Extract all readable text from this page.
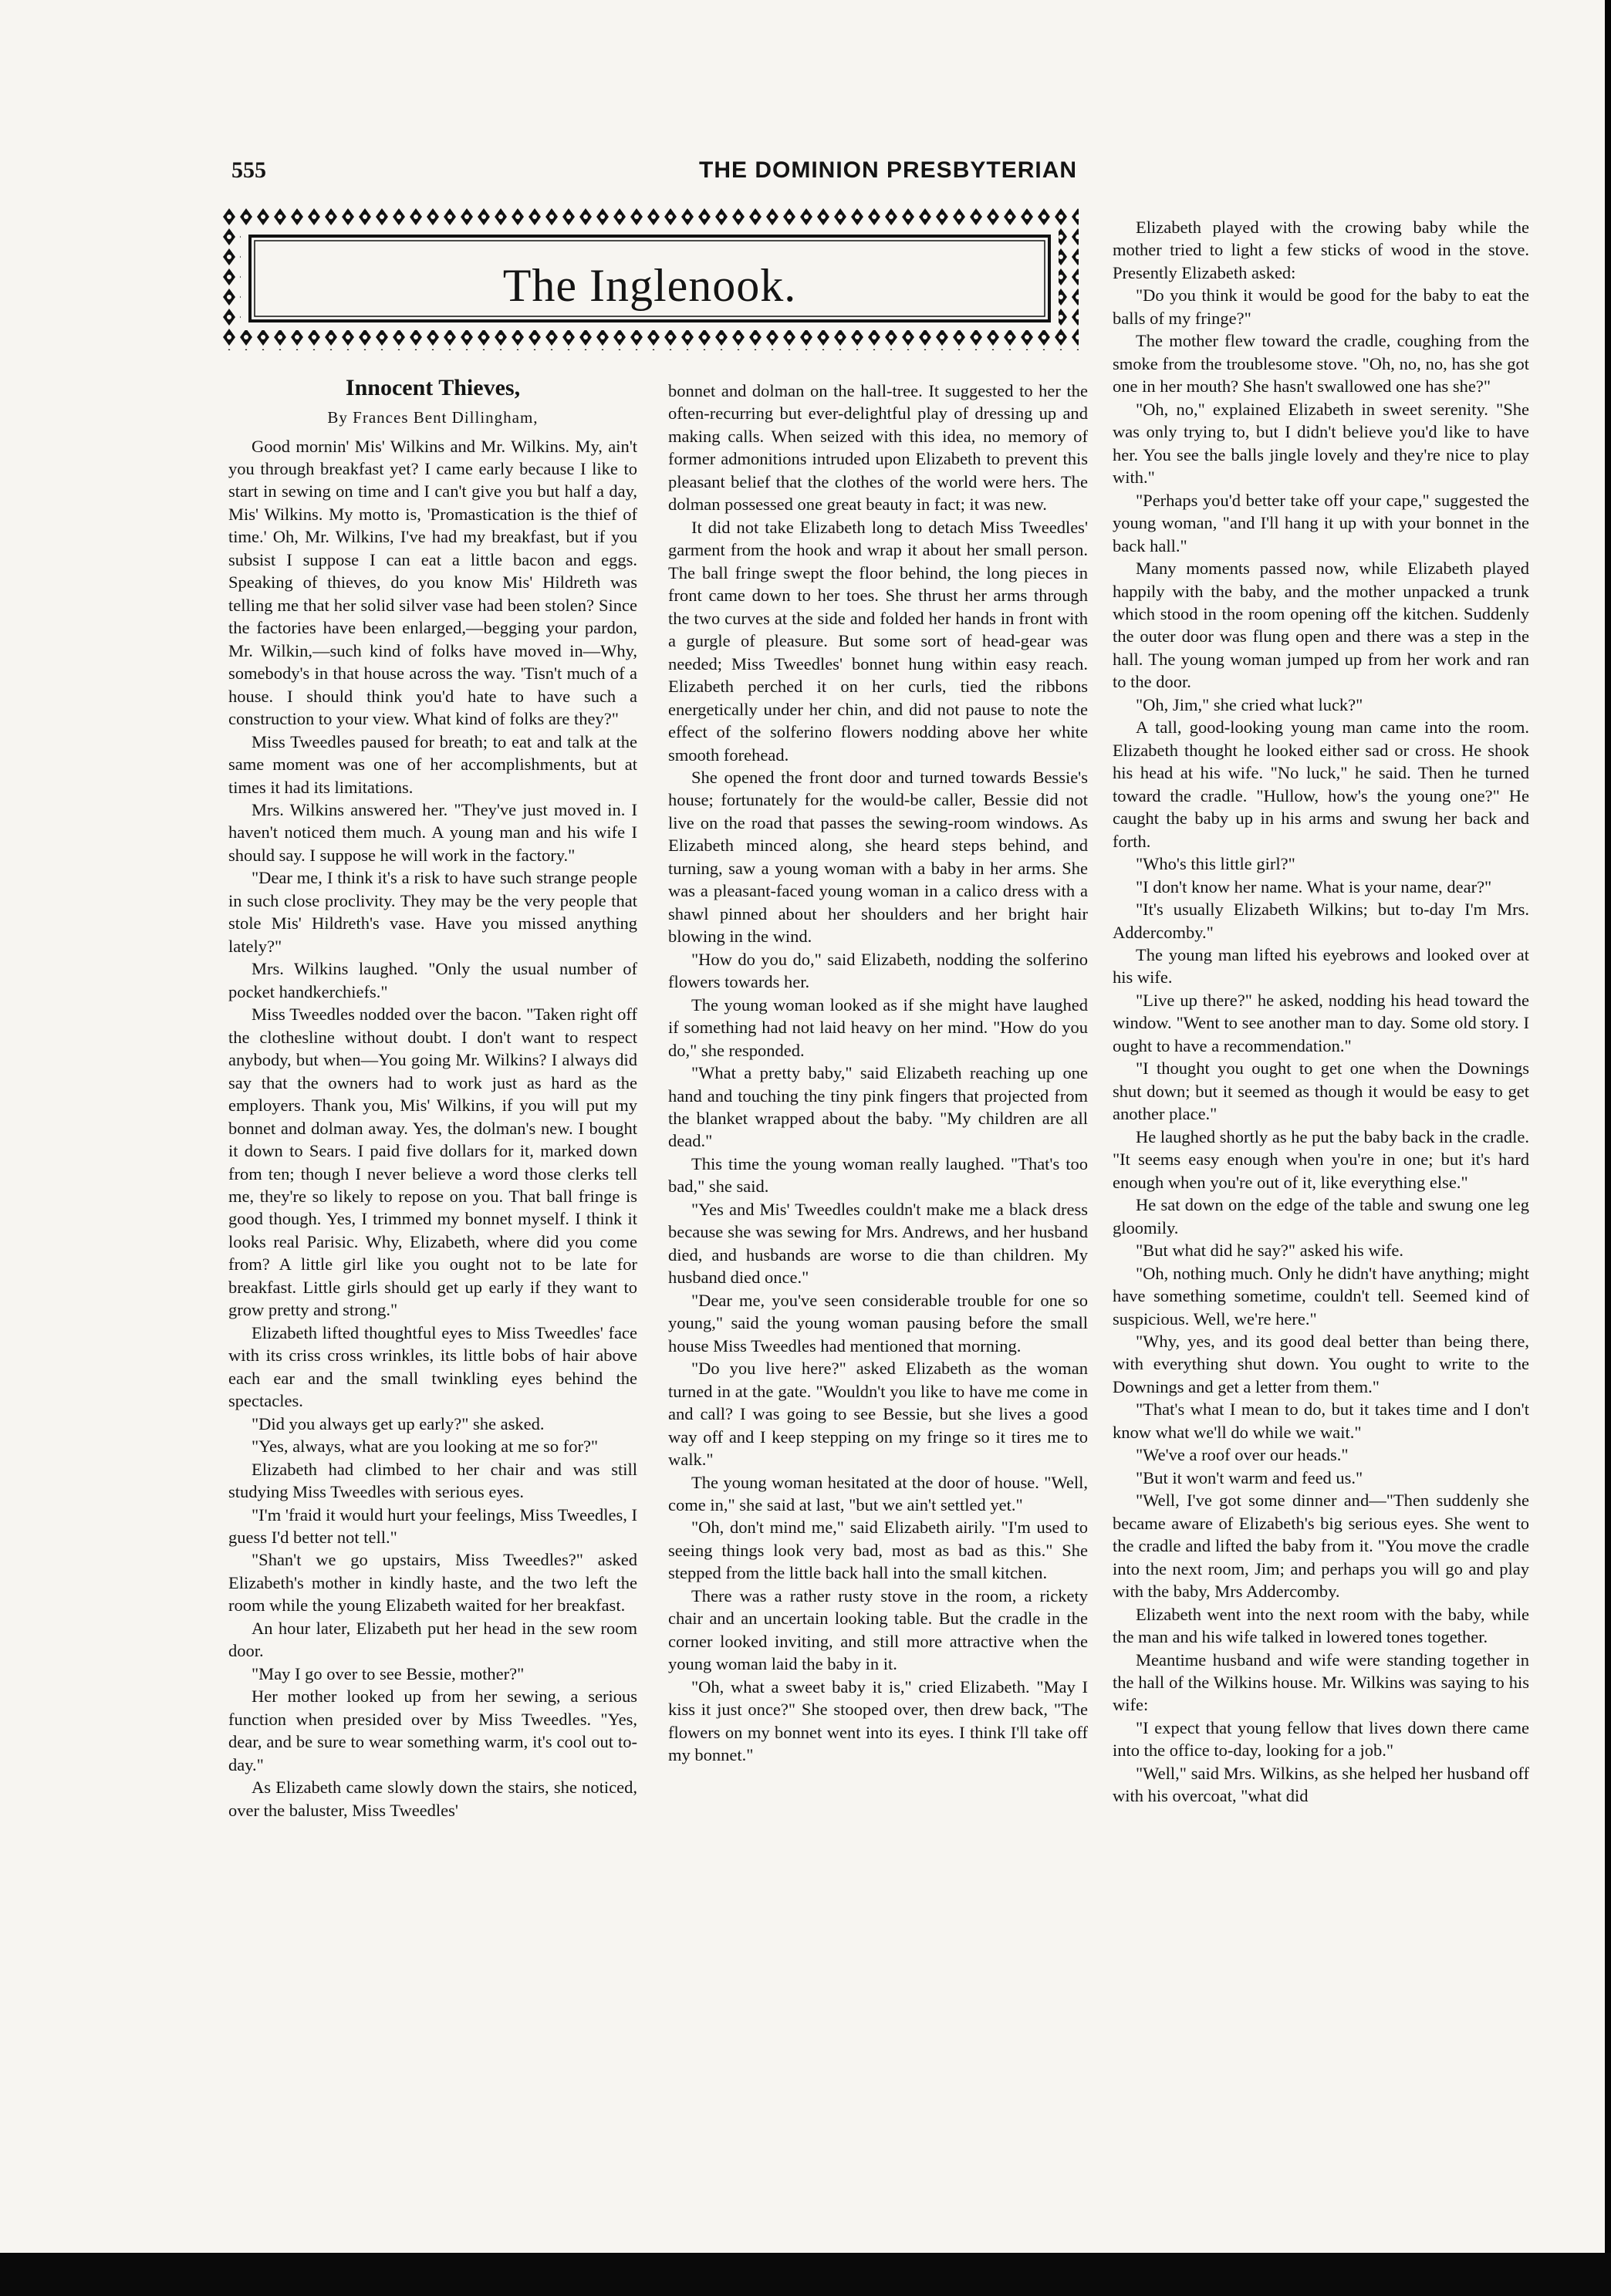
555	THE DOMINION PRESBYTERIAN
The Inglenook.
Innocent Thieves,
By Frances Bent Dillingham,

Good mornin' Mis' Wilkins and Mr. Wilkins. My, ain't you through breakfast yet? I came early because I like to start in sewing on time and I can't give you but half a day, Mis' Wilkins. My motto is, 'Promastication is the thief of time.' Oh, Mr. Wilkins, I've had my breakfast, but if you subsist I suppose I can eat a little bacon and eggs. Speaking of thieves, do you know Mis' Hildreth was telling me that her solid silver vase had been stolen? Since the factories have been enlarged,—begging your pardon, Mr. Wilkin,—such kind of folks have moved in—Why, somebody's in that house across the way. 'Tisn't much of a house. I should think you'd hate to have such a construction to your view. What kind of folks are they?"

Miss Tweedles paused for breath; to eat and talk at the same moment was one of her accomplishments, but at times it had its limitations.

Mrs. Wilkins answered her. "They've just moved in. I haven't noticed them much. A young man and his wife I should say. I suppose he will work in the factory."

"Dear me, I think it's a risk to have such strange people in such close proclivity. They may be the very people that stole Mis' Hildreth's vase. Have you missed anything lately?"

Mrs. Wilkins laughed. "Only the usual number of pocket handkerchiefs."

Miss Tweedles nodded over the bacon. "Taken right off the clothesline without doubt. I don't want to respect anybody, but when—You going Mr. Wilkins? I always did say that the owners had to work just as hard as the employers. Thank you, Mis' Wilkins, if you will put my bonnet and dolman away. Yes, the dolman's new. I bought it down to Sears. I paid five dollars for it, marked down from ten; though I never believe a word those clerks tell me, they're so likely to repose on you. That ball fringe is good though. Yes, I trimmed my bonnet myself. I think it looks real Parisic. Why, Elizabeth, where did you come from? A little girl like you ought not to be late for breakfast. Little girls should get up early if they want to grow pretty and strong."

Elizabeth lifted thoughtful eyes to Miss Tweedles' face with its criss cross wrinkles, its little bobs of hair above each ear and the small twinkling eyes behind the spectacles.

"Did you always get up early?" she asked.

"Yes, always, what are you looking at me so for?"

Elizabeth had climbed to her chair and was still studying Miss Tweedles with serious eyes.

"I'm 'fraid it would hurt your feelings, Miss Tweedles, I guess I'd better not tell."

"Shan't we go upstairs, Miss Tweedles?" asked Elizabeth's mother in kindly haste, and the two left the room while the young Elizabeth waited for her breakfast.

An hour later, Elizabeth put her head in the sew room door.

"May I go over to see Bessie, mother?"

Her mother looked up from her sewing, a serious function when presided over by Miss Tweedles. "Yes, dear, and be sure to wear something warm, it's cool out to-day."

As Elizabeth came slowly down the stairs, she noticed, over the baluster, Miss Tweedles'

bonnet and dolman on the hall-tree. It suggested to her the often-recurring but ever-delightful play of dressing up and making calls. When seized with this idea, no memory of former admonitions intruded upon Elizabeth to prevent this pleasant belief that the clothes of the world were hers. The dolman possessed one great beauty in fact; it was new.

It did not take Elizabeth long to detach Miss Tweedles' garment from the hook and wrap it about her small person. The ball fringe swept the floor behind, the long pieces in front came down to her toes. She thrust her arms through the two curves at the side and folded her hands in front with a gurgle of pleasure. But some sort of head-gear was needed; Miss Tweedles' bonnet hung within easy reach. Elizabeth perched it on her curls, tied the ribbons energetically under her chin, and did not pause to note the effect of the solferino flowers nodding above her white smooth forehead.

She opened the front door and turned towards Bessie's house; fortunately for the would-be caller, Bessie did not live on the road that passes the sewing-room windows. As Elizabeth minced along, she heard steps behind, and turning, saw a young woman with a baby in her arms. She was a pleasant-faced young woman in a calico dress with a shawl pinned about her shoulders and her bright hair blowing in the wind.

"How do you do," said Elizabeth, nodding the solferino flowers towards her.

The young woman looked as if she might have laughed if something had not laid heavy on her mind. "How do you do," she responded.

"What a pretty baby," said Elizabeth reaching up one hand and touching the tiny pink fingers that projected from the blanket wrapped about the baby. "My children are all dead."

This time the young woman really laughed. "That's too bad," she said.

"Yes and Mis' Tweedles couldn't make me a black dress because she was sewing for Mrs. Andrews, and her husband died, and husbands are worse to die than children. My husband died once."

"Dear me, you've seen considerable trouble for one so young," said the young woman pausing before the small house Miss Tweedles had mentioned that morning.

"Do you live here?" asked Elizabeth as the woman turned in at the gate. "Wouldn't you like to have me come in and call? I was going to see Bessie, but she lives a good way off and I keep stepping on my fringe so it tires me to walk."

The young woman hesitated at the door of house. "Well, come in," she said at last, "but we ain't settled yet."

"Oh, don't mind me," said Elizabeth airily. "I'm used to seeing things look very bad, most as bad as this." She stepped from the little back hall into the small kitchen.

There was a rather rusty stove in the room, a rickety chair and an uncertain looking table. But the cradle in the corner looked inviting, and still more attractive when the young woman laid the baby in it.

"Oh, what a sweet baby it is," cried Elizabeth. "May I kiss it just once?" She stooped over, then drew back, "The flowers on my bonnet went into its eyes. I think I'll take off my bonnet."

Elizabeth played with the crowing baby while the mother tried to light a few sticks of wood in the stove. Presently Elizabeth asked:

"Do you think it would be good for the baby to eat the balls of my fringe?"

The mother flew toward the cradle, coughing from the smoke from the troublesome stove. "Oh, no, no, has she got one in her mouth? She hasn't swallowed one has she?"

"Oh, no," explained Elizabeth in sweet serenity. "She was only trying to, but I didn't believe you'd like to have her. You see the balls jingle lovely and they're nice to play with."

"Perhaps you'd better take off your cape," suggested the young woman, "and I'll hang it up with your bonnet in the back hall."

Many moments passed now, while Elizabeth played happily with the baby, and the mother unpacked a trunk which stood in the room opening off the kitchen. Suddenly the outer door was flung open and there was a step in the hall. The young woman jumped up from her work and ran to the door.

"Oh, Jim," she cried what luck?"

A tall, good-looking young man came into the room. Elizabeth thought he looked either sad or cross. He shook his head at his wife. "No luck," he said. Then he turned toward the cradle. "Hullow, how's the young one?" He caught the baby up in his arms and swung her back and forth.

"Who's this little girl?"

"I don't know her name. What is your name, dear?"

"It's usually Elizabeth Wilkins; but to-day I'm Mrs. Addercomby."

The young man lifted his eyebrows and looked over at his wife.

"Live up there?" he asked, nodding his head toward the window. "Went to see another man to day. Some old story. I ought to have a recommendation."

"I thought you ought to get one when the Downings shut down; but it seemed as though it would be easy to get another place."

He laughed shortly as he put the baby back in the cradle. "It seems easy enough when you're in one; but it's hard enough when you're out of it, like everything else."

He sat down on the edge of the table and swung one leg gloomily.

"But what did he say?" asked his wife.

"Oh, nothing much. Only he didn't have anything; might have something sometime, couldn't tell. Seemed kind of suspicious. Well, we're here."

"Why, yes, and its good deal better than being there, with everything shut down. You ought to write to the Downings and get a letter from them."

"That's what I mean to do, but it takes time and I don't know what we'll do while we wait."

"We've a roof over our heads."

"But it won't warm and feed us."

"Well, I've got some dinner and—"Then suddenly she became aware of Elizabeth's big serious eyes. She went to the cradle and lifted the baby from it. "You move the cradle into the next room, Jim; and perhaps you will go and play with the baby, Mrs Addercomby.

Elizabeth went into the next room with the baby, while the man and his wife talked in lowered tones together.

Meantime husband and wife were standing together in the hall of the Wilkins house. Mr. Wilkins was saying to his wife:

"I expect that young fellow that lives down there came into the office to-day, looking for a job."

"Well," said Mrs. Wilkins, as she helped her husband off with his overcoat, "what did
